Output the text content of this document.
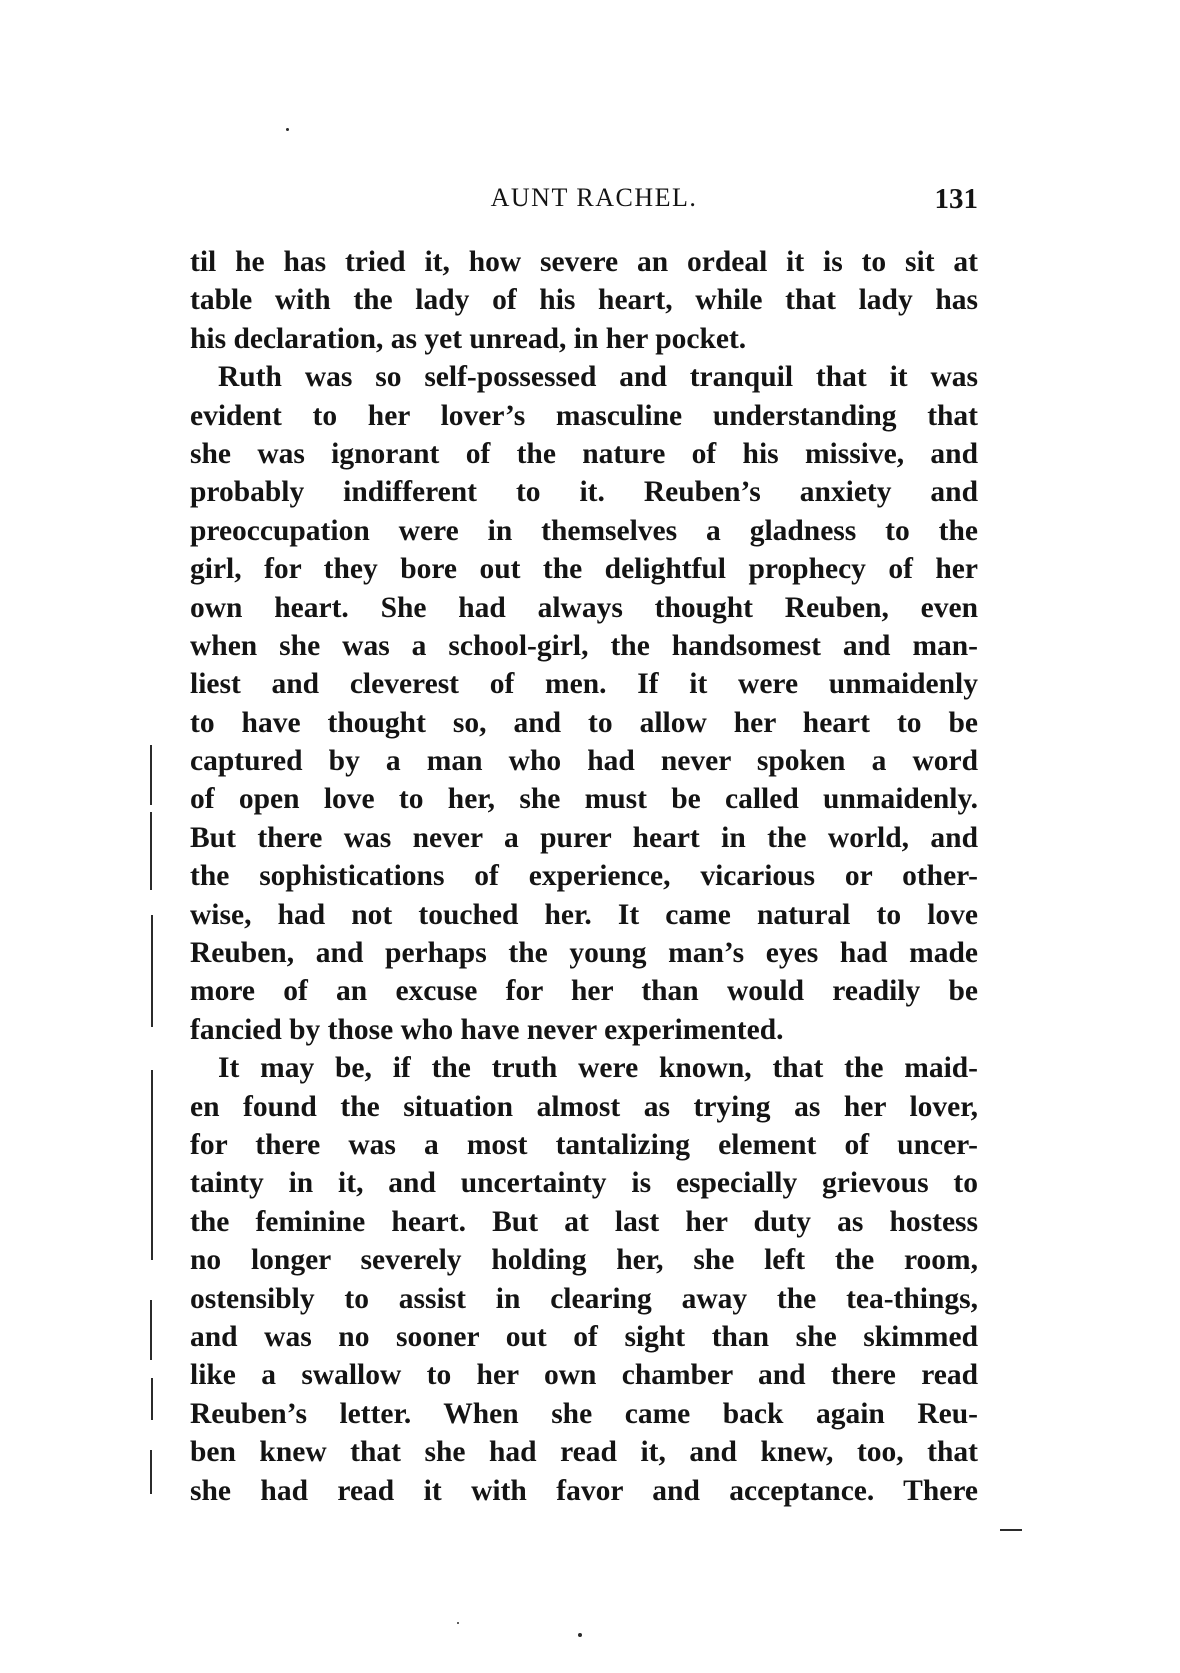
AUNT RACHEL.	131
til he has tried it, how severe an ordeal it is to sit at
table with the lady of his heart, while that lady has
his declaration, as yet unread, in her pocket.
Ruth was so self-possessed and tranquil that it was
evident to her lover’s masculine understanding that
she was ignorant of the nature of his missive, and
probably indifferent to it. Reuben’s anxiety and
preoccupation were in themselves a gladness to the
girl, for they bore out the delightful prophecy of her
own heart. She had always thought Reuben, even
when she was a school-girl, the handsomest and man-
liest and cleverest of men. If it were unmaidenly
to have thought so, and to allow her heart to be
captured by a man who had never spoken a word
of open love to her, she must be called unmaidenly.
But there was never a purer heart in the world, and
the sophistications of experience, vicarious or other-
wise, had not touched her. It came natural to love
Reuben, and perhaps the young man’s eyes had made
more of an excuse for her than would readily be
fancied by those who have never experimented.
It may be, if the truth were known, that the maid-
en found the situation almost as trying as her lover,
for there was a most tantalizing element of uncer-
tainty in it, and uncertainty is especially grievous to
the feminine heart. But at last her duty as hostess
no longer severely holding her, she left the room,
ostensibly to assist in clearing away the tea-things,
and was no sooner out of sight than she skimmed
like a swallow to her own chamber and there read
Reuben’s letter. When she came back again Reu-
ben knew that she had read it, and knew, too, that
she had read it with favor and acceptance. There
